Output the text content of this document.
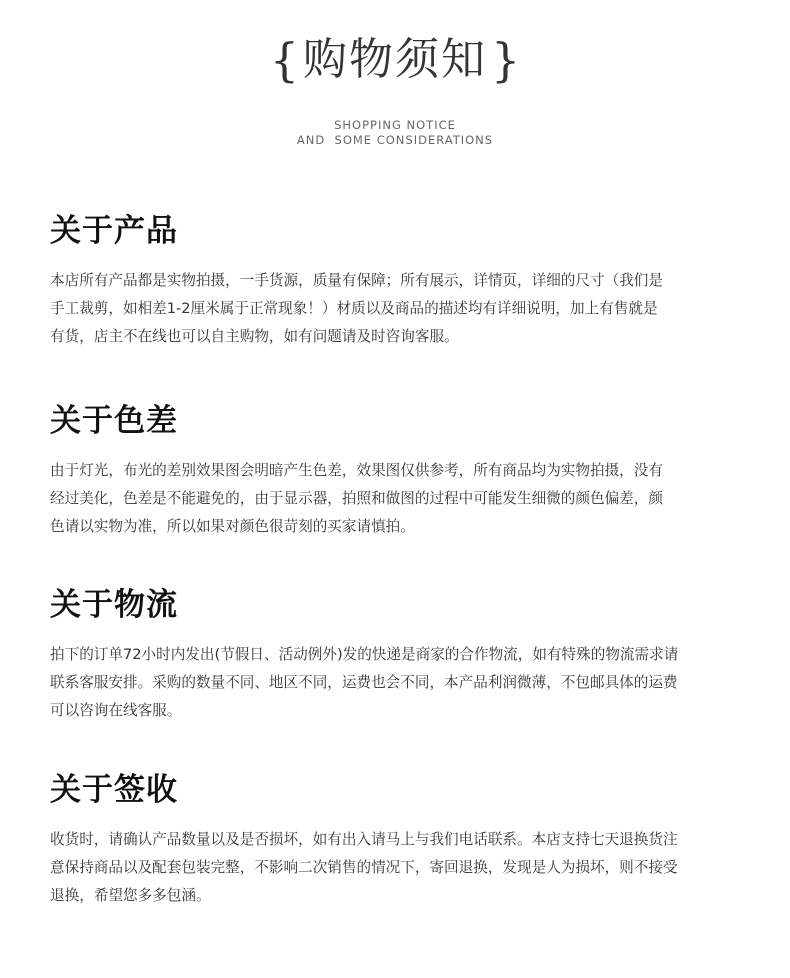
{ 购物须知 }
SHOPPING NOTICE
AND  SOME CONSIDERATIONS
关于产品
本店所有产品都是实物拍摄，一手货源，质量有保障；所有展示，详情页，详细的尺寸（我们是
手工裁剪，如相差1-2厘米属于正常现象！）材质以及商品的描述均有详细说明，加上有售就是
有货，店主不在线也可以自主购物，如有问题请及时咨询客服。
关于色差
由于灯光，布光的差别效果图会明暗产生色差，效果图仅供参考，所有商品均为实物拍摄，没有
经过美化，色差是不能避免的，由于显示器，拍照和做图的过程中可能发生细微的颜色偏差，颜
色请以实物为准，所以如果对颜色很苛刻的买家请慎拍。
关于物流
拍下的订单72小时内发出(节假日、活动例外)发的快递是商家的合作物流，如有特殊的物流需求请
联系客服安排。采购的数量不同、地区不同，运费也会不同，本产品利润微薄，不包邮具体的运费
可以咨询在线客服。
关于签收
收货时，请确认产品数量以及是否损坏，如有出入请马上与我们电话联系。本店支持七天退换货注
意保持商品以及配套包装完整，不影响二次销售的情况下，寄回退换，发现是人为损坏，则不接受
退换，希望您多多包涵。
